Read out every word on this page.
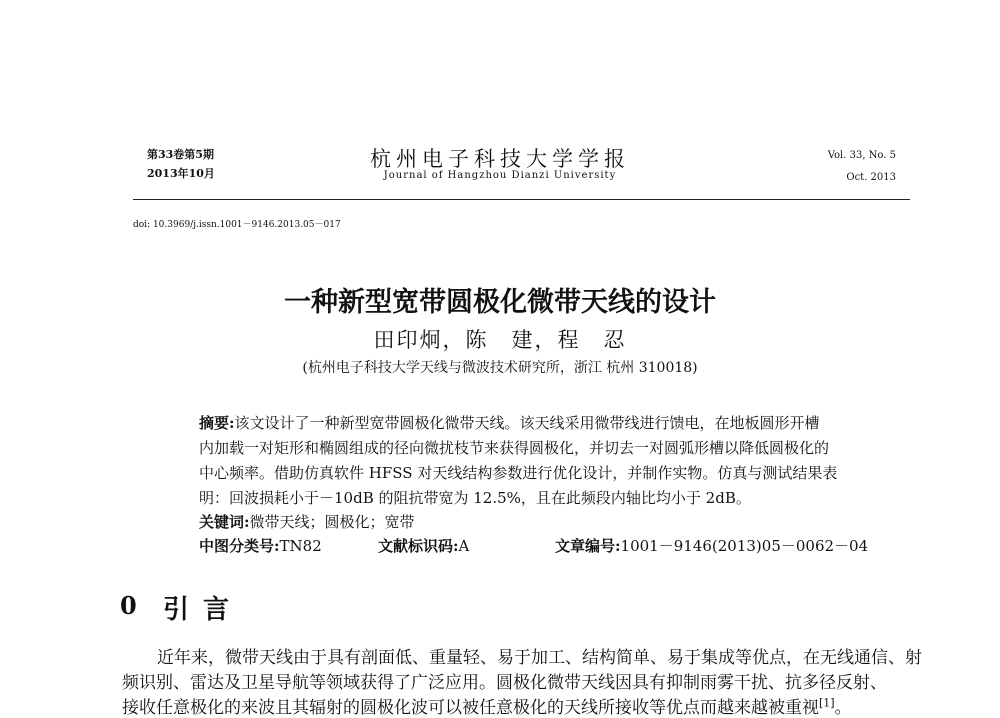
第33卷第5期
2013年10月
杭州电子科技大学学报
Journal of Hangzhou Dianzi University
Vol. 33, No. 5
Oct. 2013
doi: 10.3969/j.issn.1001－9146.2013.05－017
一种新型宽带圆极化微带天线的设计
田印炯，陈　建，程　忍
(杭州电子科技大学天线与微波技术研究所，浙江 杭州 310018)
摘要:该文设计了一种新型宽带圆极化微带天线。该天线采用微带线进行馈电，在地板圆形开槽
内加载一对矩形和椭圆组成的径向微扰枝节来获得圆极化，并切去一对圆弧形槽以降低圆极化的
中心频率。借助仿真软件 HFSS 对天线结构参数进行优化设计，并制作实物。仿真与测试结果表
明：回波损耗小于－10dB 的阻抗带宽为 12.5%，且在此频段内轴比均小于 2dB。
关键词:微带天线；圆极化；宽带
中图分类号:TN82	文献标识码:A	文章编号:1001－9146(2013)05－0062－04
0 引言
近年来，微带天线由于具有剖面低、重量轻、易于加工、结构简单、易于集成等优点，在无线通信、射
频识别、雷达及卫星导航等领域获得了广泛应用。圆极化微带天线因具有抑制雨雾干扰、抗多径反射、
接收任意极化的来波且其辐射的圆极化波可以被任意极化的天线所接收等优点而越来越被重视[1]。
